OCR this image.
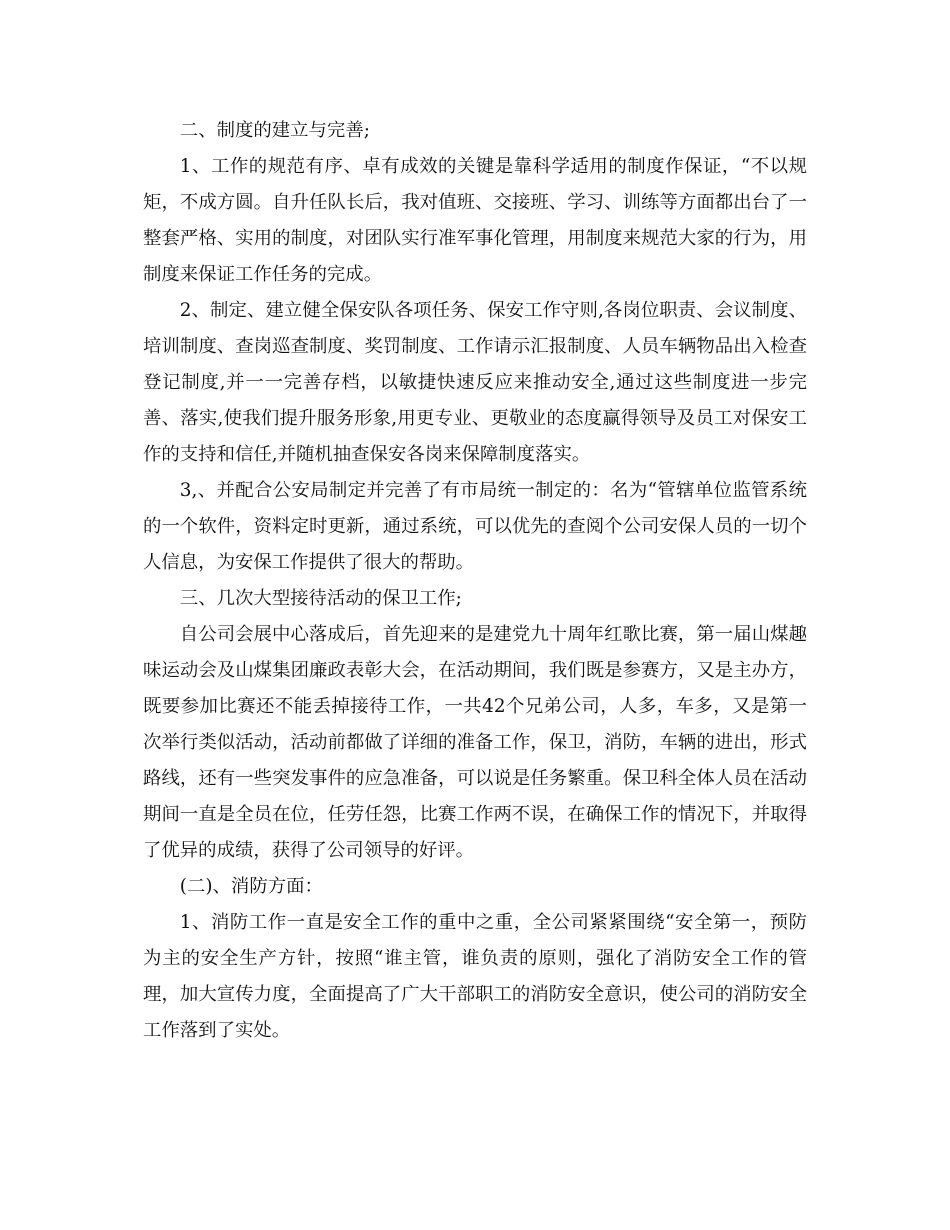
二、制度的建立与完善;

1、工作的规范有序、卓有成效的关键是靠科学适用的制度作保证，“不以规矩，不成方圆。自升任队长后，我对值班、交接班、学习、训练等方面都出台了一整套严格、实用的制度，对团队实行准军事化管理，用制度来规范大家的行为，用制度来保证工作任务的完成。

2、制定、建立健全保安队各项任务、保安工作守则,各岗位职责、会议制度、培训制度、查岗巡查制度、奖罚制度、工作请示汇报制度、人员车辆物品出入检查登记制度,并一一完善存档，以敏捷快速反应来推动安全,通过这些制度进一步完善、落实,使我们提升服务形象,用更专业、更敬业的态度赢得领导及员工对保安工作的支持和信任,并随机抽查保安各岗来保障制度落实。

3,、并配合公安局制定并完善了有市局统一制定的：名为“管辖单位监管系统的一个软件，资料定时更新，通过系统，可以优先的查阅个公司安保人员的一切个人信息，为安保工作提供了很大的帮助。

三、几次大型接待活动的保卫工作;

自公司会展中心落成后，首先迎来的是建党九十周年红歌比赛，第一届山煤趣味运动会及山煤集团廉政表彰大会，在活动期间，我们既是参赛方，又是主办方，既要参加比赛还不能丢掉接待工作，一共42个兄弟公司，人多，车多，又是第一次举行类似活动，活动前都做了详细的准备工作，保卫，消防，车辆的进出，形式路线，还有一些突发事件的应急准备，可以说是任务繁重。保卫科全体人员在活动期间一直是全员在位，任劳任怨，比赛工作两不误，在确保工作的情况下，并取得了优异的成绩，获得了公司领导的好评。

(二)、消防方面：

1、消防工作一直是安全工作的重中之重，全公司紧紧围绕“安全第一，预防为主的安全生产方针，按照“谁主管，谁负责的原则，强化了消防安全工作的管理，加大宣传力度，全面提高了广大干部职工的消防安全意识，使公司的消防安全工作落到了实处。
